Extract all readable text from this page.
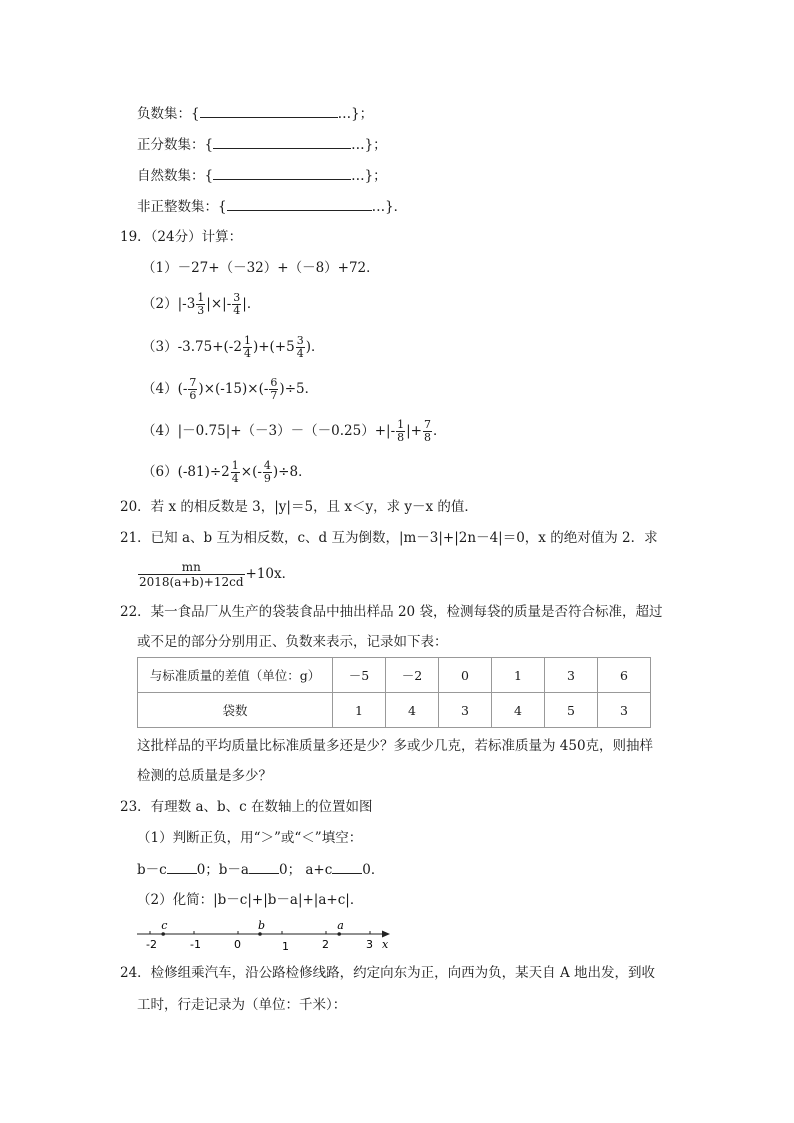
负数集：{	…}；
正分数集：{	…}；
自然数集：{	…}；
非正整数集：{	…}．
19．（24分）计算：
（1）－27+（－32）+（－8）+72．
$(2)|-3 \frac{1}{3}$ |×|- $\frac{3}{4}$ |．
$(3)-3.75+(-2 \frac{1}{4} )+(+5 \frac{3}{4}$ )．
$(4)(- \frac{7}{6} )\times(-15)\times(- \frac{6}{7} )\div 5$．
$(4)|-0.75|+(-3)-(-0.25)+|- \frac{1}{8}$ |+ $\frac{7}{8}$ ．
$(6)(-81)\div 2 \frac{1}{4}$ ×(- $\frac{4}{9} )\div 8$．
20．若 x 的相反数是 3，|y|＝5，且 x＜y，求 y－x 的值．
21．已知 a、b 互为相反数，c、d 互为倒数，|m－3|+|2n－4|＝0，x 的绝对值为 2．求
$\frac{mn}{2018(a+b)+12cd} +10x$．
22．某一食品厂从生产的袋装食品中抽出样品 20 袋，检测每袋的质量是否符合标准，超过
或不足的部分分别用正、负数来表示，记录如下表：
与标准质量的差值（单位：g）	－5	－2	0	1	3	6
袋数	1	4	3	4	5	3
这批样品的平均质量比标准质量多还是少？多或少几克，若标准质量为 450克，则抽样
检测的总质量是多少？
23．有理数 a、b、c 在数轴上的位置如图
（1）判断正负，用“＞”或“＜”填空：
b－c 0；b－a 0； a+c 0．
（2）化简：|b－c|+|b－a|+|a+c|．
x
-2	-1	0	1	2	3
c	b	a
24．检修组乘汽车，沿公路检修线路，约定向东为正，向西为负，某天自 A 地出发，到收
工时，行走记录为（单位：千米）：
